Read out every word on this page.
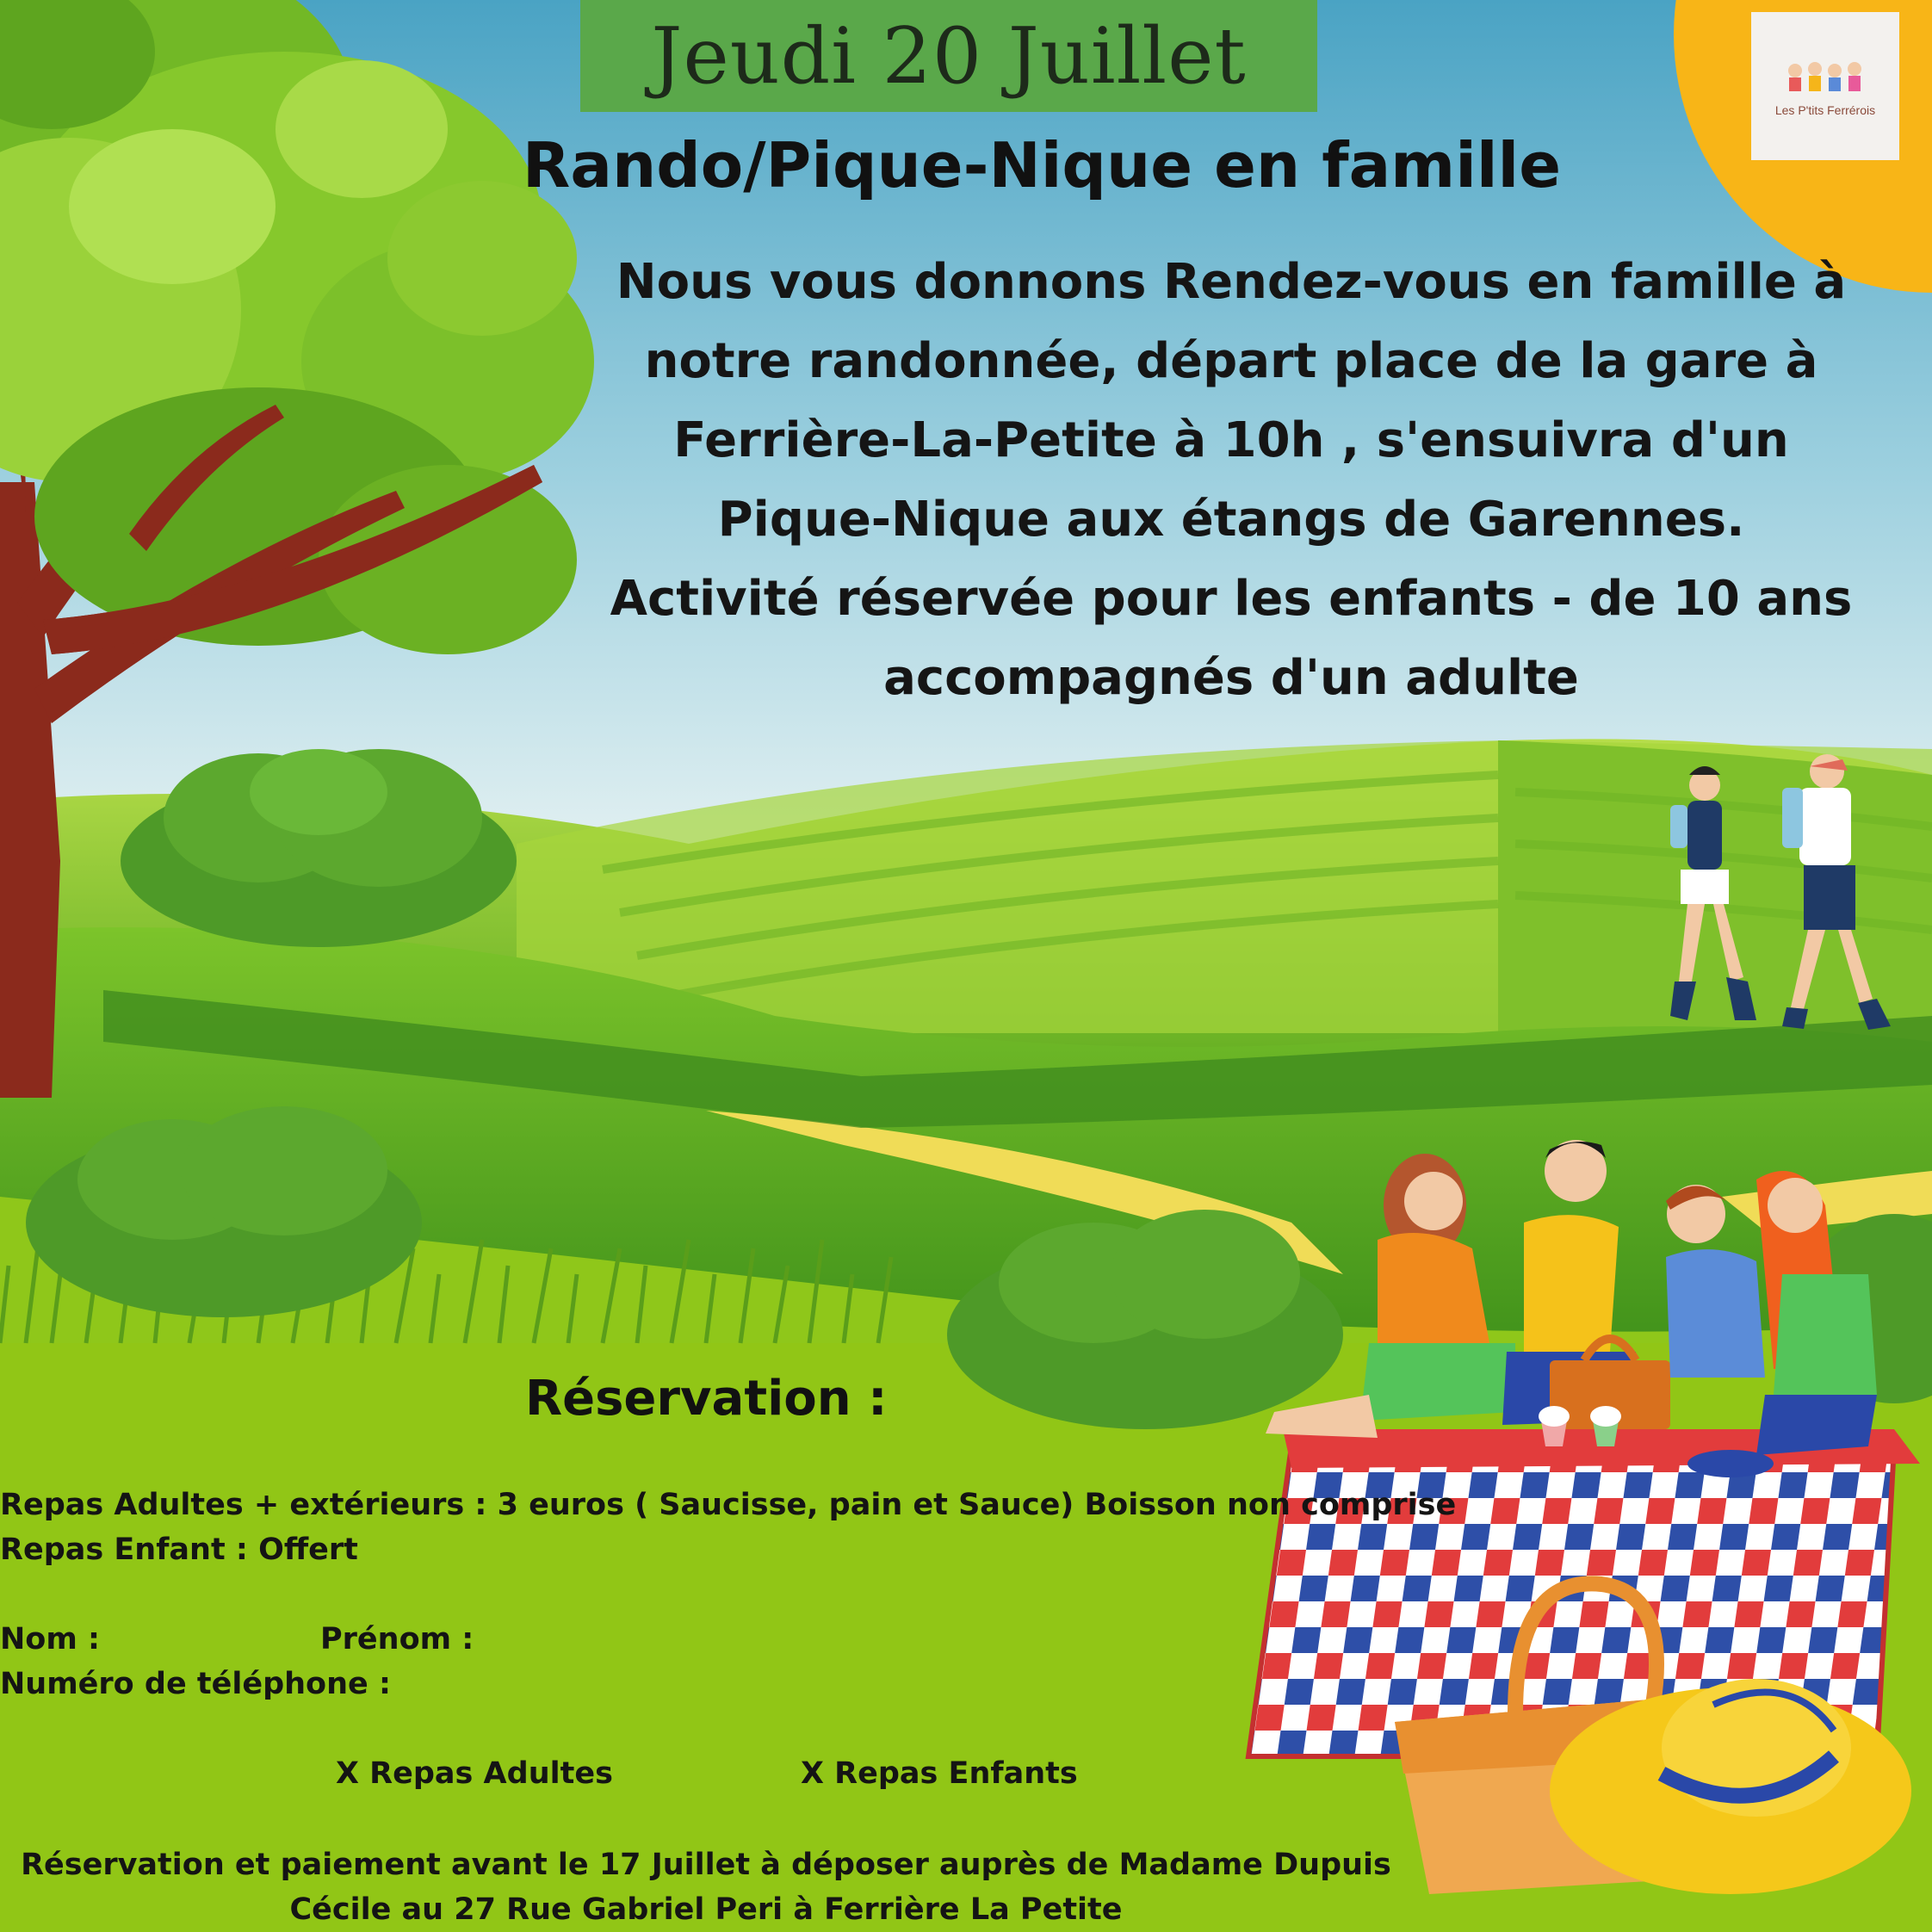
Jeudi 20 Juillet
Les P'tits Ferrérois
Rando/Pique-Nique en famille
Nous vous donnons Rendez-vous en famille à
notre randonnée, départ place de la gare à
Ferrière-La-Petite à 10h , s'ensuivra d'un
Pique-Nique aux étangs de Garennes.
Activité réservée pour les enfants - de 10 ans
accompagnés d'un adulte
Réservation :
Repas Adultes + extérieurs : 3 euros ( Saucisse, pain et Sauce) Boisson non comprise
Repas Enfant : Offert
Nom :	Prénom :
Numéro de téléphone :
X Repas Adultes	X Repas Enfants
Réservation et paiement avant le 17 Juillet à déposer auprès de Madame Dupuis
Cécile au 27 Rue Gabriel Peri à Ferrière La Petite
